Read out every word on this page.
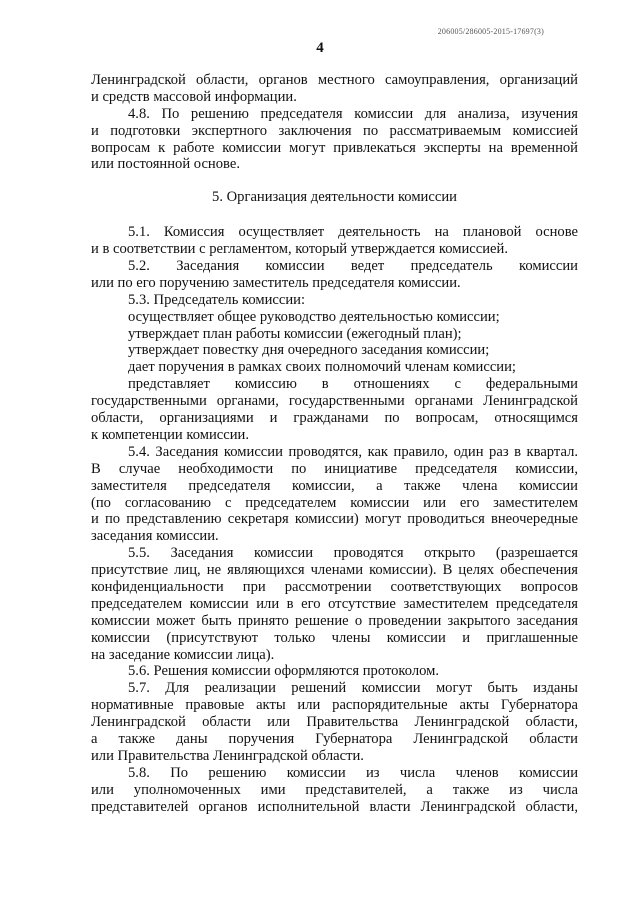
206005/286005-2015-17697(3)
4
Ленинградской области, органов местного самоуправления, организаций
и средств массовой информации.
4.8. По решению председателя комиссии для анализа, изучения
и подготовки экспертного заключения по рассматриваемым комиссией
вопросам к работе комиссии могут привлекаться эксперты на временной
или постоянной основе.
5. Организация деятельности комиссии
5.1. Комиссия осуществляет деятельность на плановой основе
и в соответствии с регламентом, который утверждается комиссией.
5.2. Заседания комиссии ведет председатель комиссии
или по его поручению заместитель председателя комиссии.
5.3. Председатель комиссии:
осуществляет общее руководство деятельностью комиссии;
утверждает план работы комиссии (ежегодный план);
утверждает повестку дня очередного заседания комиссии;
дает поручения в рамках своих полномочий членам комиссии;
представляет комиссию в отношениях с федеральными
государственными органами, государственными органами Ленинградской
области, организациями и гражданами по вопросам, относящимся
к компетенции комиссии.
5.4. Заседания комиссии проводятся, как правило, один раз в квартал.
В случае необходимости по инициативе председателя комиссии,
заместителя председателя комиссии, а также члена комиссии
(по согласованию с председателем комиссии или его заместителем
и по представлению секретаря комиссии) могут проводиться внеочередные
заседания комиссии.
5.5. Заседания комиссии проводятся открыто (разрешается
присутствие лиц, не являющихся членами комиссии). В целях обеспечения
конфиденциальности при рассмотрении соответствующих вопросов
председателем комиссии или в его отсутствие заместителем председателя
комиссии может быть принято решение о проведении закрытого заседания
комиссии (присутствуют только члены комиссии и приглашенные
на заседание комиссии лица).
5.6. Решения комиссии оформляются протоколом.
5.7. Для реализации решений комиссии могут быть изданы
нормативные правовые акты или распорядительные акты Губернатора
Ленинградской области или Правительства Ленинградской области,
а также даны поручения Губернатора Ленинградской области
или Правительства Ленинградской области.
5.8. По решению комиссии из числа членов комиссии
или уполномоченных ими представителей, а также из числа
представителей органов исполнительной власти Ленинградской области,
